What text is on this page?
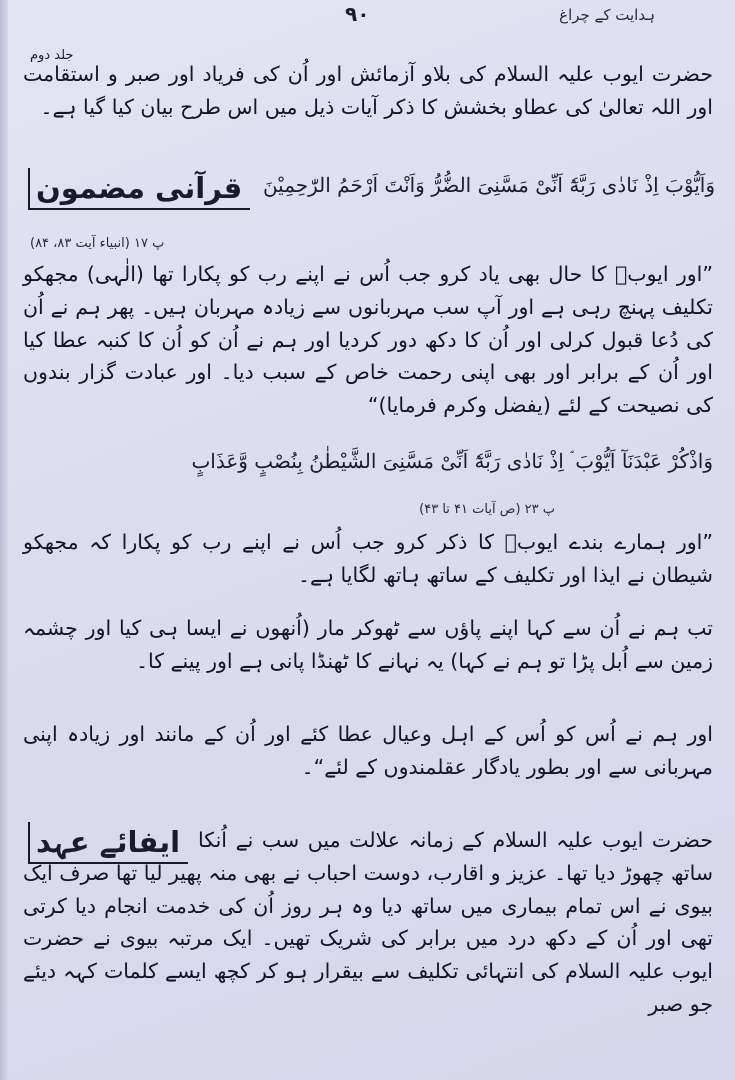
ہدایت کے چراغ
۹۰
جلد دوم

حضرت ایوب علیہ السلام کی بلاو آزمائش اور اُن کی فریاد اور صبر و استقامت اور اللہ تعالیٰ کی عطاو بخشش کا ذکر آیات ذیل میں اس طرح بیان کیا گیا ہے۔

قرآنی مضمون	وَاَیُّوْبَ اِذْ نَادٰی رَبَّهٗٓ اَنِّیْ مَسَّنِیَ الضُّرُّ وَاَنْتَ اَرْحَمُ الرّٰحِمِیْنَ
پ ۱۷ (انبیاء آیت ۸۳، ۸۴)

”اور ایوبؑ کا حال بھی یاد کرو جب اُس نے اپنے رب کو پکارا تھا (الٰہی) مجھکو تکلیف پہنچ رہی ہے اور آپ سب مہربانوں سے زیادہ مہربان ہیں۔ پھر ہم نے اُن کی دُعا قبول کرلی اور اُن کا دکھ دور کردیا اور ہم نے اُن کو اُن کا کنبہ عطا کیا اور اُن کے برابر اور بھی اپنی رحمت خاص کے سبب دیا۔ اور عبادت گزار بندوں کی نصیحت کے لئے (یفضل وکرم فرمایا)“

وَاذْكُرْ عَبْدَنَآ اَیُّوْبَ ۘ اِذْ نَادٰی رَبَّهٗٓ اَنِّیْ مَسَّنِیَ الشَّیْطٰنُ بِنُصْبٍ وَّعَذَابٍ
پ ۲۳ (ص آیات ۴۱ تا ۴۳)

”اور ہمارے بندے ایوبؑ کا ذکر کرو جب اُس نے اپنے رب کو پکارا کہ مجھکو شیطان نے ایذا اور تکلیف کے ساتھ ہاتھ لگایا ہے۔

تب ہم نے اُن سے کہا اپنے پاؤں سے ٹھوکر مار (اُنھوں نے ایسا ہی کیا اور چشمہ زمین سے اُبل پڑا تو ہم نے کہا) یہ نہانے کا ٹھنڈا پانی ہے اور پینے کا۔

اور ہم نے اُس کو اُس کے اہل وعیال عطا کئے اور اُن کے مانند اور زیادہ اپنی مہربانی سے اور بطور یادگار عقلمندوں کے لئے“۔

ایفائے عہد حضرت ایوب علیہ السلام کے زمانہ علالت میں سب نے اُنکا ساتھ چھوڑ دیا تھا۔ عزیز و اقارب، دوست احباب نے بھی منہ پھیر لیا تھا صرف ایک بیوی نے اس تمام بیماری میں ساتھ دیا وہ ہر روز اُن کی خدمت انجام دیا کرتی تھی اور اُن کے دکھ درد میں برابر کی شریک تھیں۔ ایک مرتبہ بیوی نے حضرت ایوب علیہ السلام کی انتہائی تکلیف سے بیقرار ہو کر کچھ ایسے کلمات کہہ دیئے جو صبر
